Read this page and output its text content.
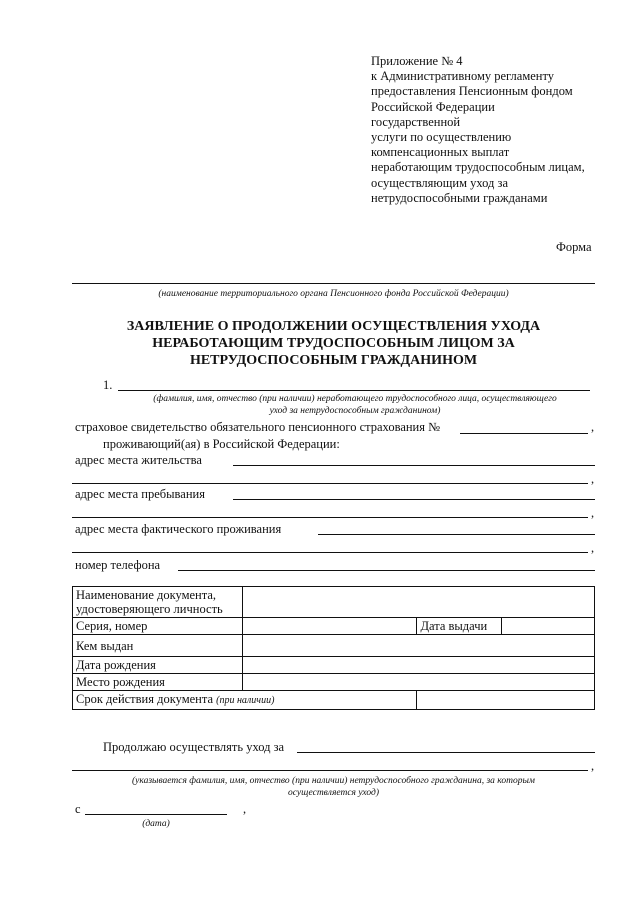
Приложение № 4
к Административному регламенту
предоставления Пенсионным фондом
Российской Федерации
государственной
услуги по осуществлению
компенсационных выплат
неработающим трудоспособным лицам,
осуществляющим уход за
нетрудоспособными гражданами
Форма
(наименование территориального органа Пенсионного фонда Российской Федерации)
ЗАЯВЛЕНИЕ О ПРОДОЛЖЕНИИ ОСУЩЕСТВЛЕНИЯ УХОДА
НЕРАБОТАЮЩИМ ТРУДОСПОСОБНЫМ ЛИЦОМ ЗА
НЕТРУДОСПОСОБНЫМ ГРАЖДАНИНОМ
1.
(фамилия, имя, отчество (при наличии) неработающего трудоспособного лица, осуществляющего
уход за нетрудоспособным гражданином)
страховое свидетельство обязательного пенсионного страхования №	,
проживающий(ая) в Российской Федерации:
адрес места жительства
,
адрес места пребывания
,
адрес места фактического проживания
,
номер телефона
Наименование документа,
удостоверяющего личность			

Серия, номер		Дата выдачи	
Кем выдан			
Дата рождения			
Место рождения			
Срок действия документа (при наличии)			
Продолжаю осуществлять уход за
,
(указывается фамилия, имя, отчество (при наличии) нетрудоспособного гражданина, за которым
осуществляется уход)
с	,
(дата)
